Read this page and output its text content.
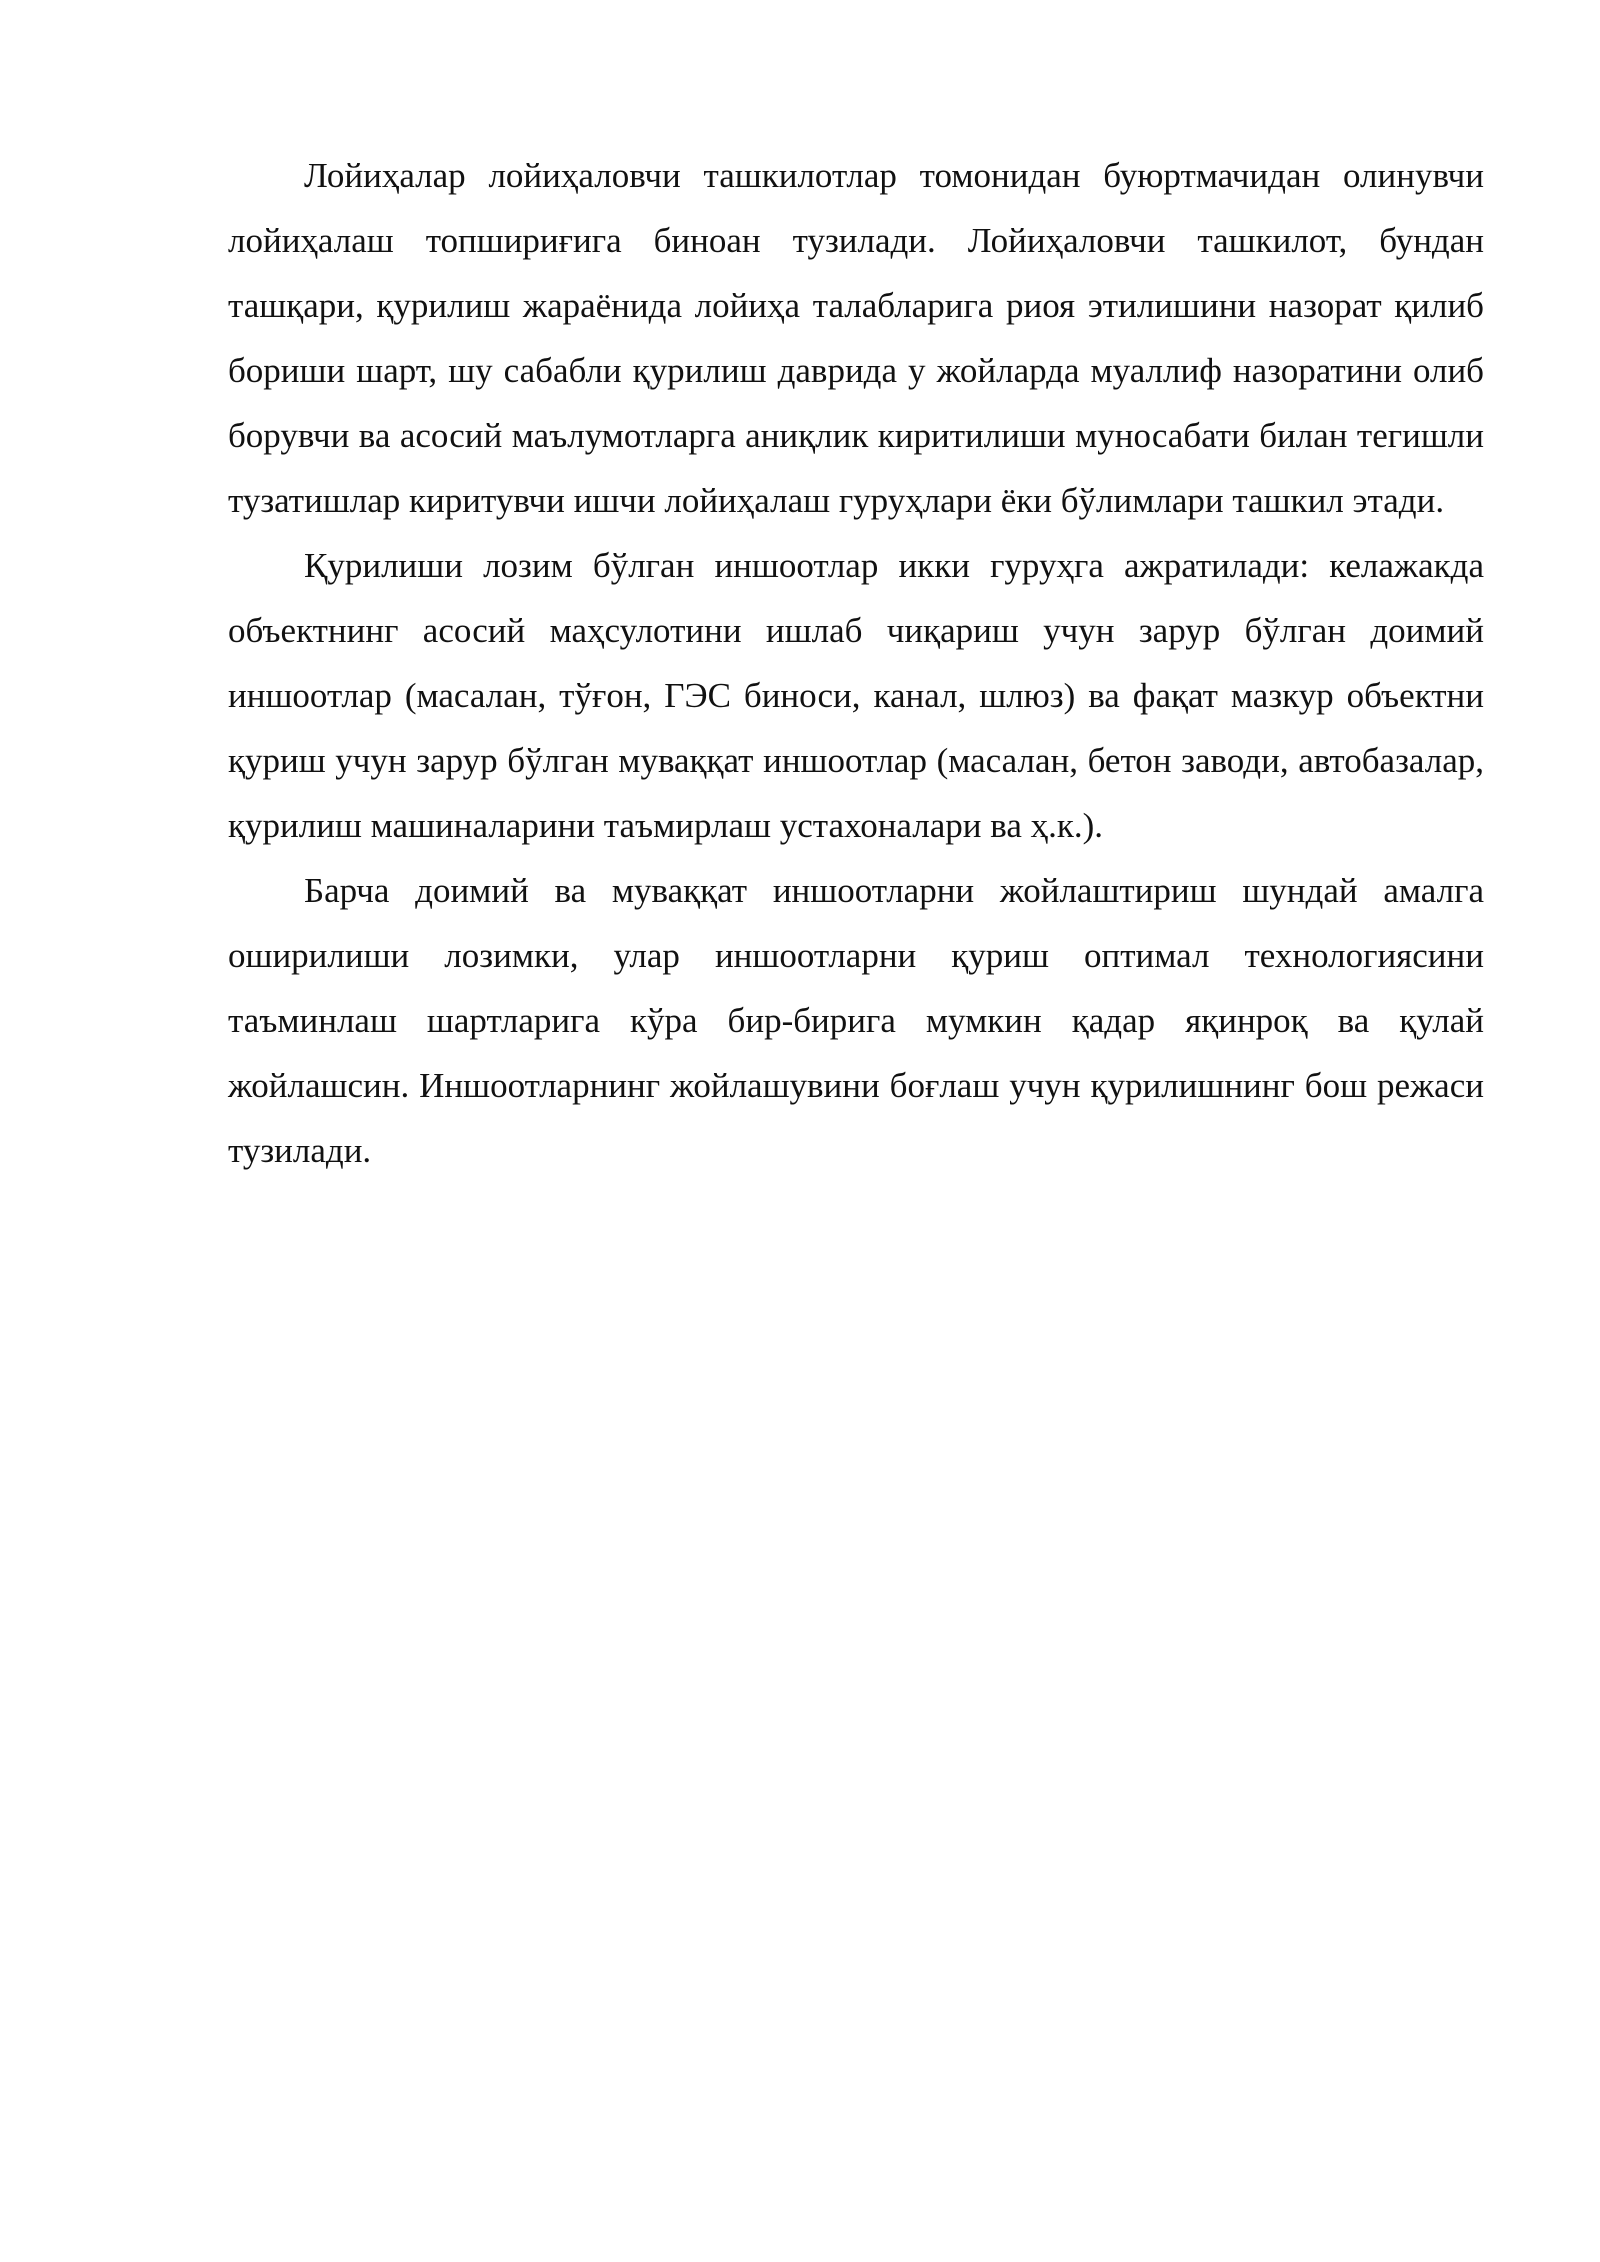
Лойиҳалар лойиҳаловчи ташкилотлар томонидан буюртмачидан олинувчи лойиҳалаш топшириғига биноан тузилади. Лойиҳаловчи ташкилот, бундан ташқари, қурилиш жараёнида лойиҳа талабларига риоя этилишини назорат қилиб бориши шарт, шу сабабли қурилиш даврида у жойларда муаллиф назоратини олиб борувчи ва асосий маълумотларга аниқлик киритилиши муносабати билан тегишли тузатишлар киритувчи ишчи лойиҳалаш гуруҳлари ёки бўлимлари ташкил этади.

Қурилиши лозим бўлган иншоотлар икки гуруҳга ажратилади: келажакда объектнинг асосий маҳсулотини ишлаб чиқариш учун зарур бўлган доимий иншоотлар (масалан, тўғон, ГЭС биноси, канал, шлюз) ва фақат мазкур объектни қуриш учун зарур бўлган муваққат иншоотлар (масалан, бетон заводи, автобазалар, қурилиш машиналарини таъмирлаш устахоналари ва ҳ.к.).

Барча доимий ва муваққат иншоотларни жойлаштириш шундай амалга оширилиши лозимки, улар иншоотларни қуриш оптимал технологиясини таъминлаш шартларига кўра бир-бирига мумкин қадар яқинроқ ва қулай жойлашсин. Иншоотларнинг жойлашувини боғлаш учун қурилишнинг бош режаси тузилади.
